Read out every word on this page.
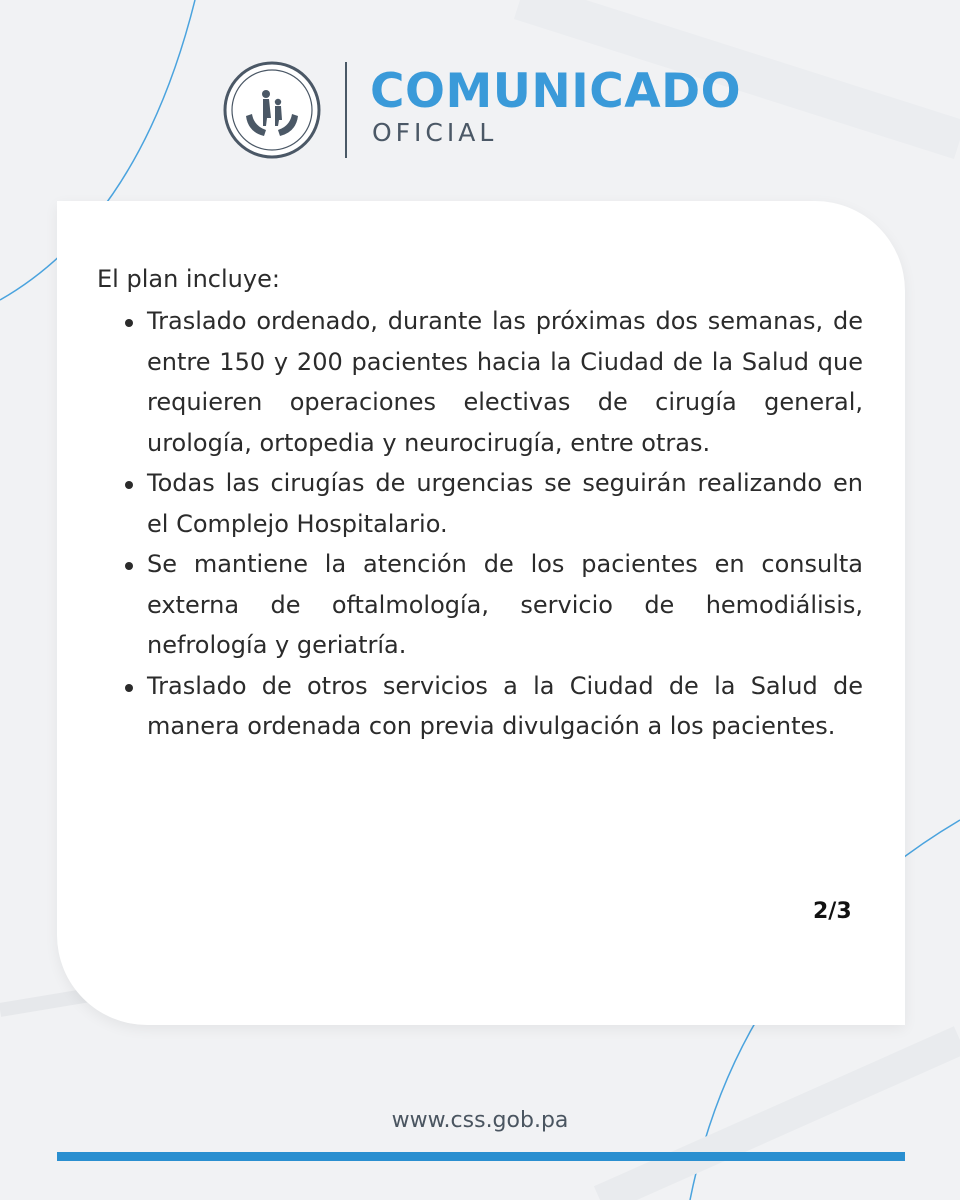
COMUNICADO
OFICIAL

El plan incluye:

Traslado ordenado, durante las próximas dos semanas, de entre 150 y 200 pacientes hacia la Ciudad de la Salud que requieren operaciones electivas de cirugía general, urología, ortopedia y neurocirugía, entre otras.
Todas las cirugías de urgencias se seguirán realizando en el Complejo Hospitalario.
Se mantiene la atención de los pacientes en consulta externa de oftalmología, servicio de hemodiálisis, nefrología y geriatría.
Traslado de otros servicios a la Ciudad de la Salud de manera ordenada con previa divulgación a los pacientes.
2/3
www.css.gob.pa
